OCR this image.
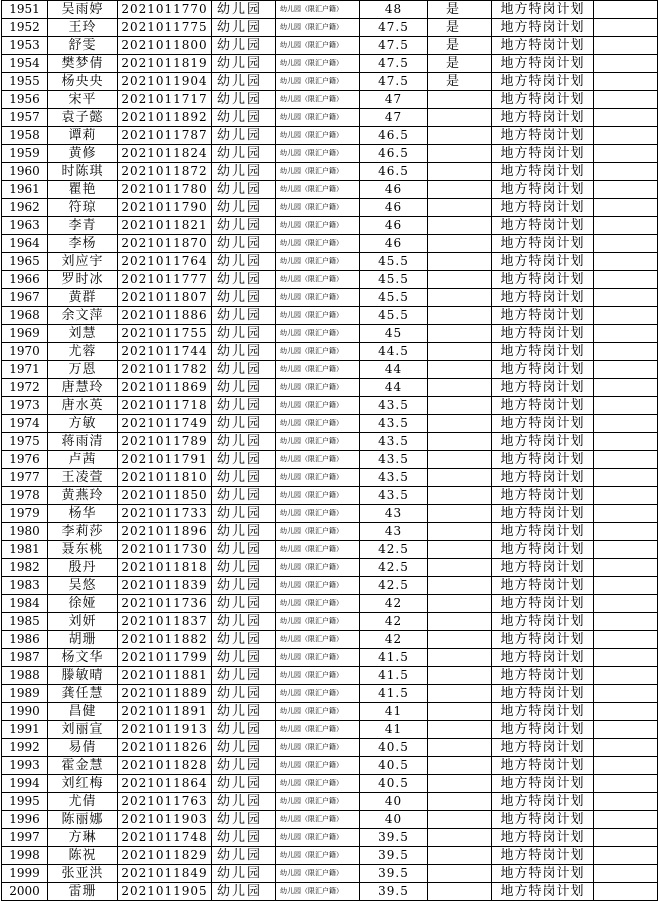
1951	吴雨婷	2021011770	幼儿园	幼儿园（限汇户籍）	48	是	地方特岗计划	
1952	王玲	2021011775	幼儿园	幼儿园（限汇户籍）	47.5	是	地方特岗计划	
1953	舒雯	2021011800	幼儿园	幼儿园（限汇户籍）	47.5	是	地方特岗计划	
1954	樊梦倩	2021011819	幼儿园	幼儿园（限汇户籍）	47.5	是	地方特岗计划	
1955	杨央央	2021011904	幼儿园	幼儿园（限汇户籍）	47.5	是	地方特岗计划	
1956	宋平	2021011717	幼儿园	幼儿园（限汇户籍）	47		地方特岗计划	
1957	袁子懿	2021011892	幼儿园	幼儿园（限汇户籍）	47		地方特岗计划	
1958	谭莉	2021011787	幼儿园	幼儿园（限汇户籍）	46.5		地方特岗计划	
1959	黄修	2021011824	幼儿园	幼儿园（限汇户籍）	46.5		地方特岗计划	
1960	时陈琪	2021011872	幼儿园	幼儿园（限汇户籍）	46.5		地方特岗计划	
1961	瞿艳	2021011780	幼儿园	幼儿园（限汇户籍）	46		地方特岗计划	
1962	符琼	2021011790	幼儿园	幼儿园（限汇户籍）	46		地方特岗计划	
1963	李青	2021011821	幼儿园	幼儿园（限汇户籍）	46		地方特岗计划	
1964	李杨	2021011870	幼儿园	幼儿园（限汇户籍）	46		地方特岗计划	
1965	刘应宇	2021011764	幼儿园	幼儿园（限汇户籍）	45.5		地方特岗计划	
1966	罗时冰	2021011777	幼儿园	幼儿园（限汇户籍）	45.5		地方特岗计划	
1967	黄群	2021011807	幼儿园	幼儿园（限汇户籍）	45.5		地方特岗计划	
1968	余文萍	2021011886	幼儿园	幼儿园（限汇户籍）	45.5		地方特岗计划	
1969	刘慧	2021011755	幼儿园	幼儿园（限汇户籍）	45		地方特岗计划	
1970	尤蓉	2021011744	幼儿园	幼儿园（限汇户籍）	44.5		地方特岗计划	
1971	万恩	2021011782	幼儿园	幼儿园（限汇户籍）	44		地方特岗计划	
1972	唐慧玲	2021011869	幼儿园	幼儿园（限汇户籍）	44		地方特岗计划	
1973	唐水英	2021011718	幼儿园	幼儿园（限汇户籍）	43.5		地方特岗计划	
1974	方敏	2021011749	幼儿园	幼儿园（限汇户籍）	43.5		地方特岗计划	
1975	蒋雨清	2021011789	幼儿园	幼儿园（限汇户籍）	43.5		地方特岗计划	
1976	卢茜	2021011791	幼儿园	幼儿园（限汇户籍）	43.5		地方特岗计划	
1977	王凌萱	2021011810	幼儿园	幼儿园（限汇户籍）	43.5		地方特岗计划	
1978	黄燕玲	2021011850	幼儿园	幼儿园（限汇户籍）	43.5		地方特岗计划	
1979	杨华	2021011733	幼儿园	幼儿园（限汇户籍）	43		地方特岗计划	
1980	李莉莎	2021011896	幼儿园	幼儿园（限汇户籍）	43		地方特岗计划	
1981	聂东桃	2021011730	幼儿园	幼儿园（限汇户籍）	42.5		地方特岗计划	
1982	殷丹	2021011818	幼儿园	幼儿园（限汇户籍）	42.5		地方特岗计划	
1983	吴悠	2021011839	幼儿园	幼儿园（限汇户籍）	42.5		地方特岗计划	
1984	徐娅	2021011736	幼儿园	幼儿园（限汇户籍）	42		地方特岗计划	
1985	刘妍	2021011837	幼儿园	幼儿园（限汇户籍）	42		地方特岗计划	
1986	胡珊	2021011882	幼儿园	幼儿园（限汇户籍）	42		地方特岗计划	
1987	杨文华	2021011799	幼儿园	幼儿园（限汇户籍）	41.5		地方特岗计划	
1988	滕敏晴	2021011881	幼儿园	幼儿园（限汇户籍）	41.5		地方特岗计划	
1989	龚任慧	2021011889	幼儿园	幼儿园（限汇户籍）	41.5		地方特岗计划	
1990	昌健	2021011891	幼儿园	幼儿园（限汇户籍）	41		地方特岗计划	
1991	刘丽宣	2021011913	幼儿园	幼儿园（限汇户籍）	41		地方特岗计划	
1992	易倩	2021011826	幼儿园	幼儿园（限汇户籍）	40.5		地方特岗计划	
1993	霍金慧	2021011828	幼儿园	幼儿园（限汇户籍）	40.5		地方特岗计划	
1994	刘红梅	2021011864	幼儿园	幼儿园（限汇户籍）	40.5		地方特岗计划	
1995	尤倩	2021011763	幼儿园	幼儿园（限汇户籍）	40		地方特岗计划	
1996	陈丽娜	2021011903	幼儿园	幼儿园（限汇户籍）	40		地方特岗计划	
1997	方琳	2021011748	幼儿园	幼儿园（限汇户籍）	39.5		地方特岗计划	
1998	陈祝	2021011829	幼儿园	幼儿园（限汇户籍）	39.5		地方特岗计划	
1999	张亚洪	2021011849	幼儿园	幼儿园（限汇户籍）	39.5		地方特岗计划	
2000	雷珊	2021011905	幼儿园	幼儿园（限汇户籍）	39.5		地方特岗计划	
